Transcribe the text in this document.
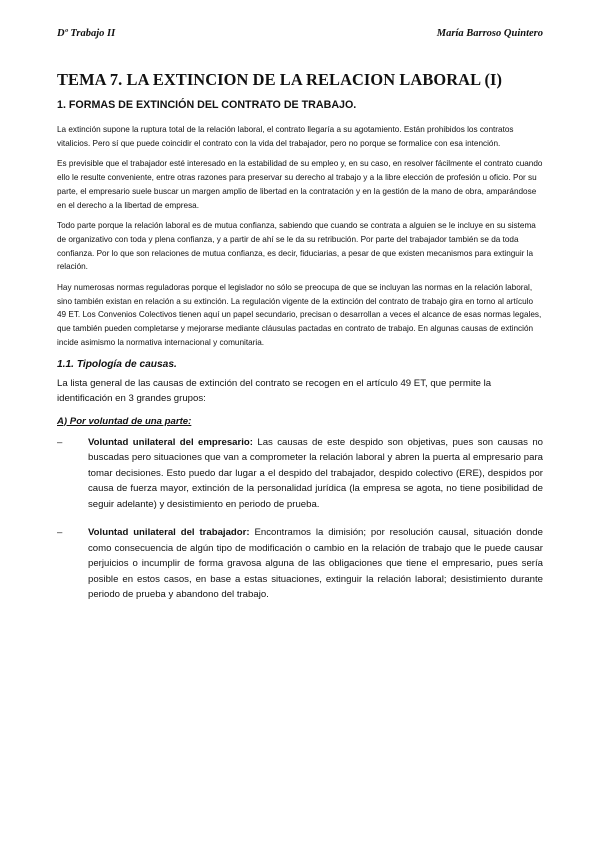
Dº Trabajo II	María Barroso Quintero
TEMA 7. LA EXTINCION DE LA RELACION LABORAL (I)
1. FORMAS DE EXTINCIÓN DEL CONTRATO DE TRABAJO.

La extinción supone la ruptura total de la relación laboral, el contrato llegaría a su agotamiento. Están prohibidos los contratos vitalicios. Pero sí que puede coincidir el contrato con la vida del trabajador, pero no porque se formalice con esa intención.

Es previsible que el trabajador esté interesado en la estabilidad de su empleo y, en su caso, en resolver fácilmente el contrato cuando ello le resulte conveniente, entre otras razones para preservar su derecho al trabajo y a la libre elección de profesión u oficio. Por su parte, el empresario suele buscar un margen amplio de libertad en la contratación y en la gestión de la mano de obra, amparándose en el derecho a la libertad de empresa.

Todo parte porque la relación laboral es de mutua confianza, sabiendo que cuando se contrata a alguien se le incluye en su sistema de organizativo con toda y plena confianza, y a partir de ahí se le da su retribución. Por parte del trabajador también se da toda confianza. Por lo que son relaciones de mutua confianza, es decir, fiduciarias, a pesar de que existen mecanismos para extinguir la relación.

Hay numerosas normas reguladoras porque el legislador no sólo se preocupa de que se incluyan las normas en la relación laboral, sino también existan en relación a su extinción. La regulación vigente de la extinción del contrato de trabajo gira en torno al artículo 49 ET. Los Convenios Colectivos tienen aquí un papel secundario, precisan o desarrollan a veces el alcance de esas normas legales, que también pueden completarse y mejorarse mediante cláusulas pactadas en contrato de trabajo. En algunas causas de extinción incide asimismo la normativa internacional y comunitaria.

1.1. Tipología de causas.

La lista general de las causas de extinción del contrato se recogen en el artículo 49 ET, que permite la identificación en 3 grandes grupos:

A) Por voluntad de una parte:
–	Voluntad unilateral del empresario: Las causas de este despido son objetivas, pues son causas no buscadas pero situaciones que van a comprometer la relación laboral y abren la puerta al empresario para tomar decisiones. Esto puedo dar lugar a el despido del trabajador, despido colectivo (ERE), despidos por causa de fuerza mayor, extinción de la personalidad jurídica (la empresa se agota, no tiene posibilidad de seguir adelante) y desistimiento en periodo de prueba.
–	Voluntad unilateral del trabajador: Encontramos la dimisión; por resolución causal, situación donde como consecuencia de algún tipo de modificación o cambio en la relación de trabajo que le puede causar perjuicios o incumplir de forma gravosa alguna de las obligaciones que tiene el empresario, pues sería posible en estos casos, en base a estas situaciones, extinguir la relación laboral; desistimiento durante periodo de prueba y abandono del trabajo.
